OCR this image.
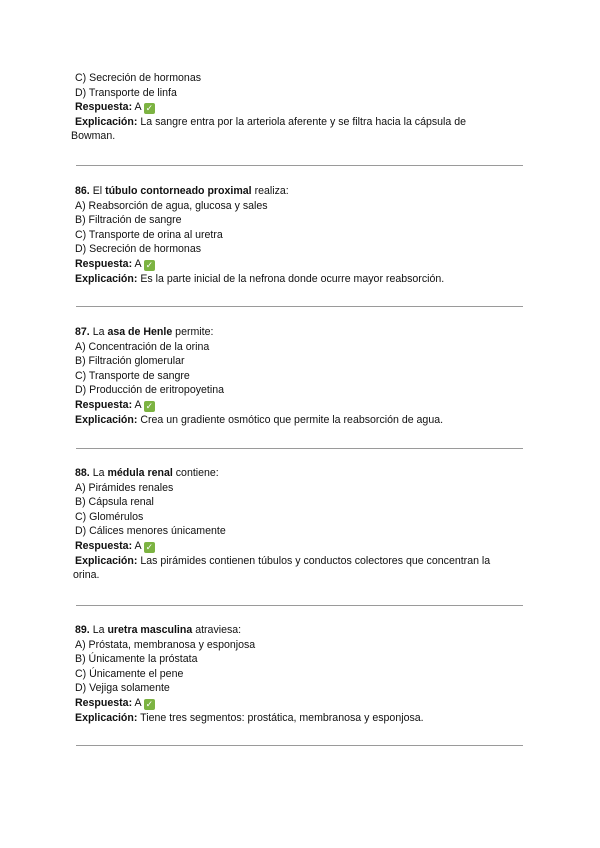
C) Secreción de hormonas
D) Transporte de linfa
Respuesta: A ✓
Explicación: La sangre entra por la arteriola aferente y se filtra hacia la cápsula de
Bowman.
86. El túbulo contorneado proximal realiza:
A) Reabsorción de agua, glucosa y sales
B) Filtración de sangre
C) Transporte de orina al uretra
D) Secreción de hormonas
Respuesta: A ✓
Explicación: Es la parte inicial de la nefrona donde ocurre mayor reabsorción.
87. La asa de Henle permite:
A) Concentración de la orina
B) Filtración glomerular
C) Transporte de sangre
D) Producción de eritropoyetina
Respuesta: A ✓
Explicación: Crea un gradiente osmótico que permite la reabsorción de agua.
88. La médula renal contiene:
A) Pirámides renales
B) Cápsula renal
C) Glomérulos
D) Cálices menores únicamente
Respuesta: A ✓
Explicación: Las pirámides contienen túbulos y conductos colectores que concentran la
orina.
89. La uretra masculina atraviesa:
A) Próstata, membranosa y esponjosa
B) Únicamente la próstata
C) Únicamente el pene
D) Vejiga solamente
Respuesta: A ✓
Explicación: Tiene tres segmentos: prostática, membranosa y esponjosa.
